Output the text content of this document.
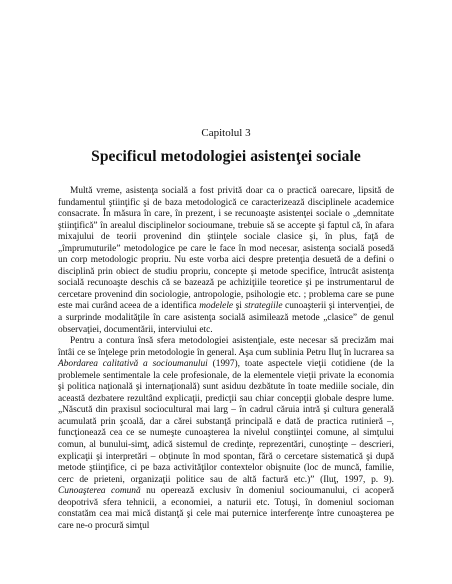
Capitolul 3
Specificul metodologiei asistenţei sociale

Multă vreme, asistenţa socială a fost privită doar ca o practică oarecare, lipsită de fundamentul ştiinţific şi de baza metodologică ce caracterizează disciplinele academice consacrate. În măsura în care, în prezent, i se recunoaşte asistenţei sociale o „demnitate ştiinţifică” în arealul disciplinelor socioumane, trebuie să se accepte şi faptul că, în afara mixajului de teorii provenind din ştiinţele sociale clasice şi, în plus, faţă de „împrumuturile” metodologice pe care le face în mod necesar, asistenţa socială posedă un corp metodologic propriu. Nu este vorba aici despre pretenţia desuetă de a defini o disciplină prin obiect de studiu propriu, concepte şi metode specifice, întrucât asistenţa socială recunoaşte deschis că se bazează pe achiziţiile teoretice şi pe instrumentarul de cercetare provenind din sociologie, antropologie, psihologie etc. ; problema care se pune este mai curând aceea de a identifica modelele şi strategiile cunoaşterii şi intervenţiei, de a surprinde modalităţile în care asistenţa socială asimilează metode „clasice” de genul observaţiei, documentării, interviului etc.

Pentru a contura însă sfera metodologiei asistenţiale, este necesar să precizăm mai întâi ce se înţelege prin metodologie în general. Aşa cum sublinia Petru Iluţ în lucrarea sa Abordarea calitativă a socioumanului (1997), toate aspectele vieţii cotidiene (de la problemele sentimentale la cele profesionale, de la elementele vieţii private la economia şi politica naţională şi internaţională) sunt asiduu dezbătute în toate mediile sociale, din această dezbatere rezultând explicaţii, predicţii sau chiar concepţii globale despre lume. „Născută din praxisul sociocultural mai larg – în cadrul căruia intră şi cultura generală acumulată prin şcoală, dar a cărei substanţă principală e dată de practica rutinieră –, funcţionează cea ce se numeşte cunoaşterea la nivelul conştiinţei comune, al simţului comun, al bunului-simţ, adică sistemul de credinţe, reprezentări, cunoştinţe – descrieri, explicaţii şi interpretări – obţinute în mod spontan, fără o cercetare sistematică şi după metode ştiinţifice, ci pe baza activităţilor contextelor obişnuite (loc de muncă, familie, cerc de prieteni, organizaţii politice sau de altă factură etc.)” (Iluţ, 1997, p. 9). Cunoaşterea comună nu operează exclusiv în domeniul socioumanului, ci acoperă deopotrivă sfera tehnicii, a economiei, a naturii etc. Totuşi, în domeniul socioman constatăm cea mai mică distanţă şi cele mai puternice interferenţe între cunoaşterea pe care ne-o procură simţul
